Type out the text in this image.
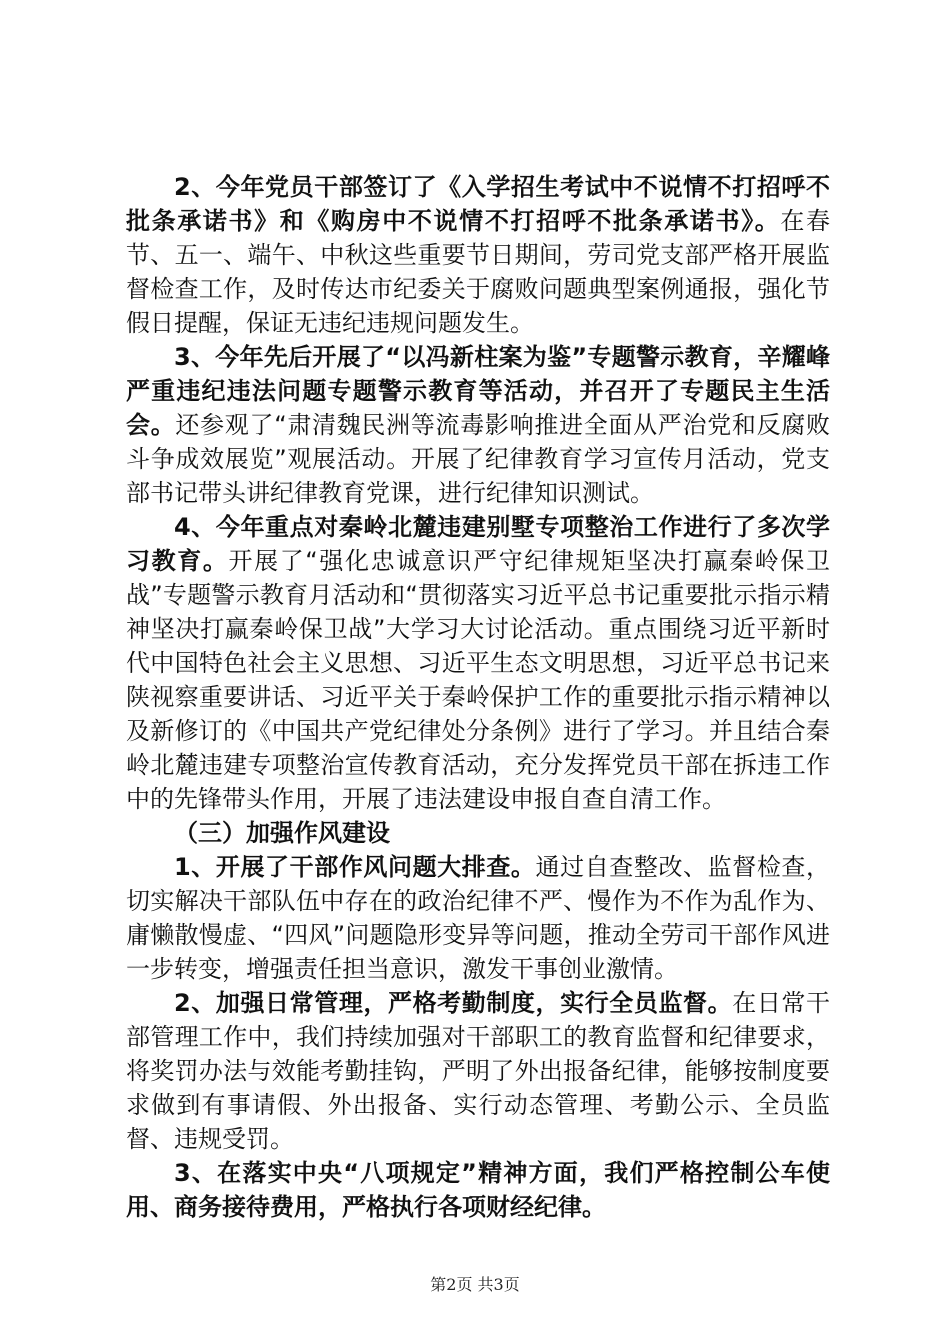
2、今年党员干部签订了《入学招生考试中不说情不打招呼不批条承诺书》和《购房中不说情不打招呼不批条承诺书》。在春节、五一、端午、中秋这些重要节日期间，劳司党支部严格开展监督检查工作，及时传达市纪委关于腐败问题典型案例通报，强化节假日提醒，保证无违纪违规问题发生。

3、今年先后开展了“以冯新柱案为鉴”专题警示教育，辛耀峰严重违纪违法问题专题警示教育等活动，并召开了专题民主生活会。还参观了“肃清魏民洲等流毒影响推进全面从严治党和反腐败斗争成效展览”观展活动。开展了纪律教育学习宣传月活动，党支部书记带头讲纪律教育党课，进行纪律知识测试。

4、今年重点对秦岭北麓违建别墅专项整治工作进行了多次学习教育。开展了“强化忠诚意识严守纪律规矩坚决打赢秦岭保卫战”专题警示教育月活动和“贯彻落实习近平总书记重要批示指示精神坚决打赢秦岭保卫战”大学习大讨论活动。重点围绕习近平新时代中国特色社会主义思想、习近平生态文明思想，习近平总书记来陕视察重要讲话、习近平关于秦岭保护工作的重要批示指示精神以及新修订的《中国共产党纪律处分条例》进行了学习。并且结合秦岭北麓违建专项整治宣传教育活动，充分发挥党员干部在拆违工作中的先锋带头作用，开展了违法建设申报自查自清工作。

（三）加强作风建设

1、开展了干部作风问题大排查。通过自查整改、监督检查，切实解决干部队伍中存在的政治纪律不严、慢作为不作为乱作为、庸懒散慢虚、“四风”问题隐形变异等问题，推动全劳司干部作风进一步转变，增强责任担当意识，激发干事创业激情。

2、加强日常管理，严格考勤制度，实行全员监督。在日常干部管理工作中，我们持续加强对干部职工的教育监督和纪律要求，将奖罚办法与效能考勤挂钩，严明了外出报备纪律，能够按制度要求做到有事请假、外出报备、实行动态管理、考勤公示、全员监督、违规受罚。

3、在落实中央“八项规定”精神方面，我们严格控制公车使用、商务接待费用，严格执行各项财经纪律。

第2页 共3页
